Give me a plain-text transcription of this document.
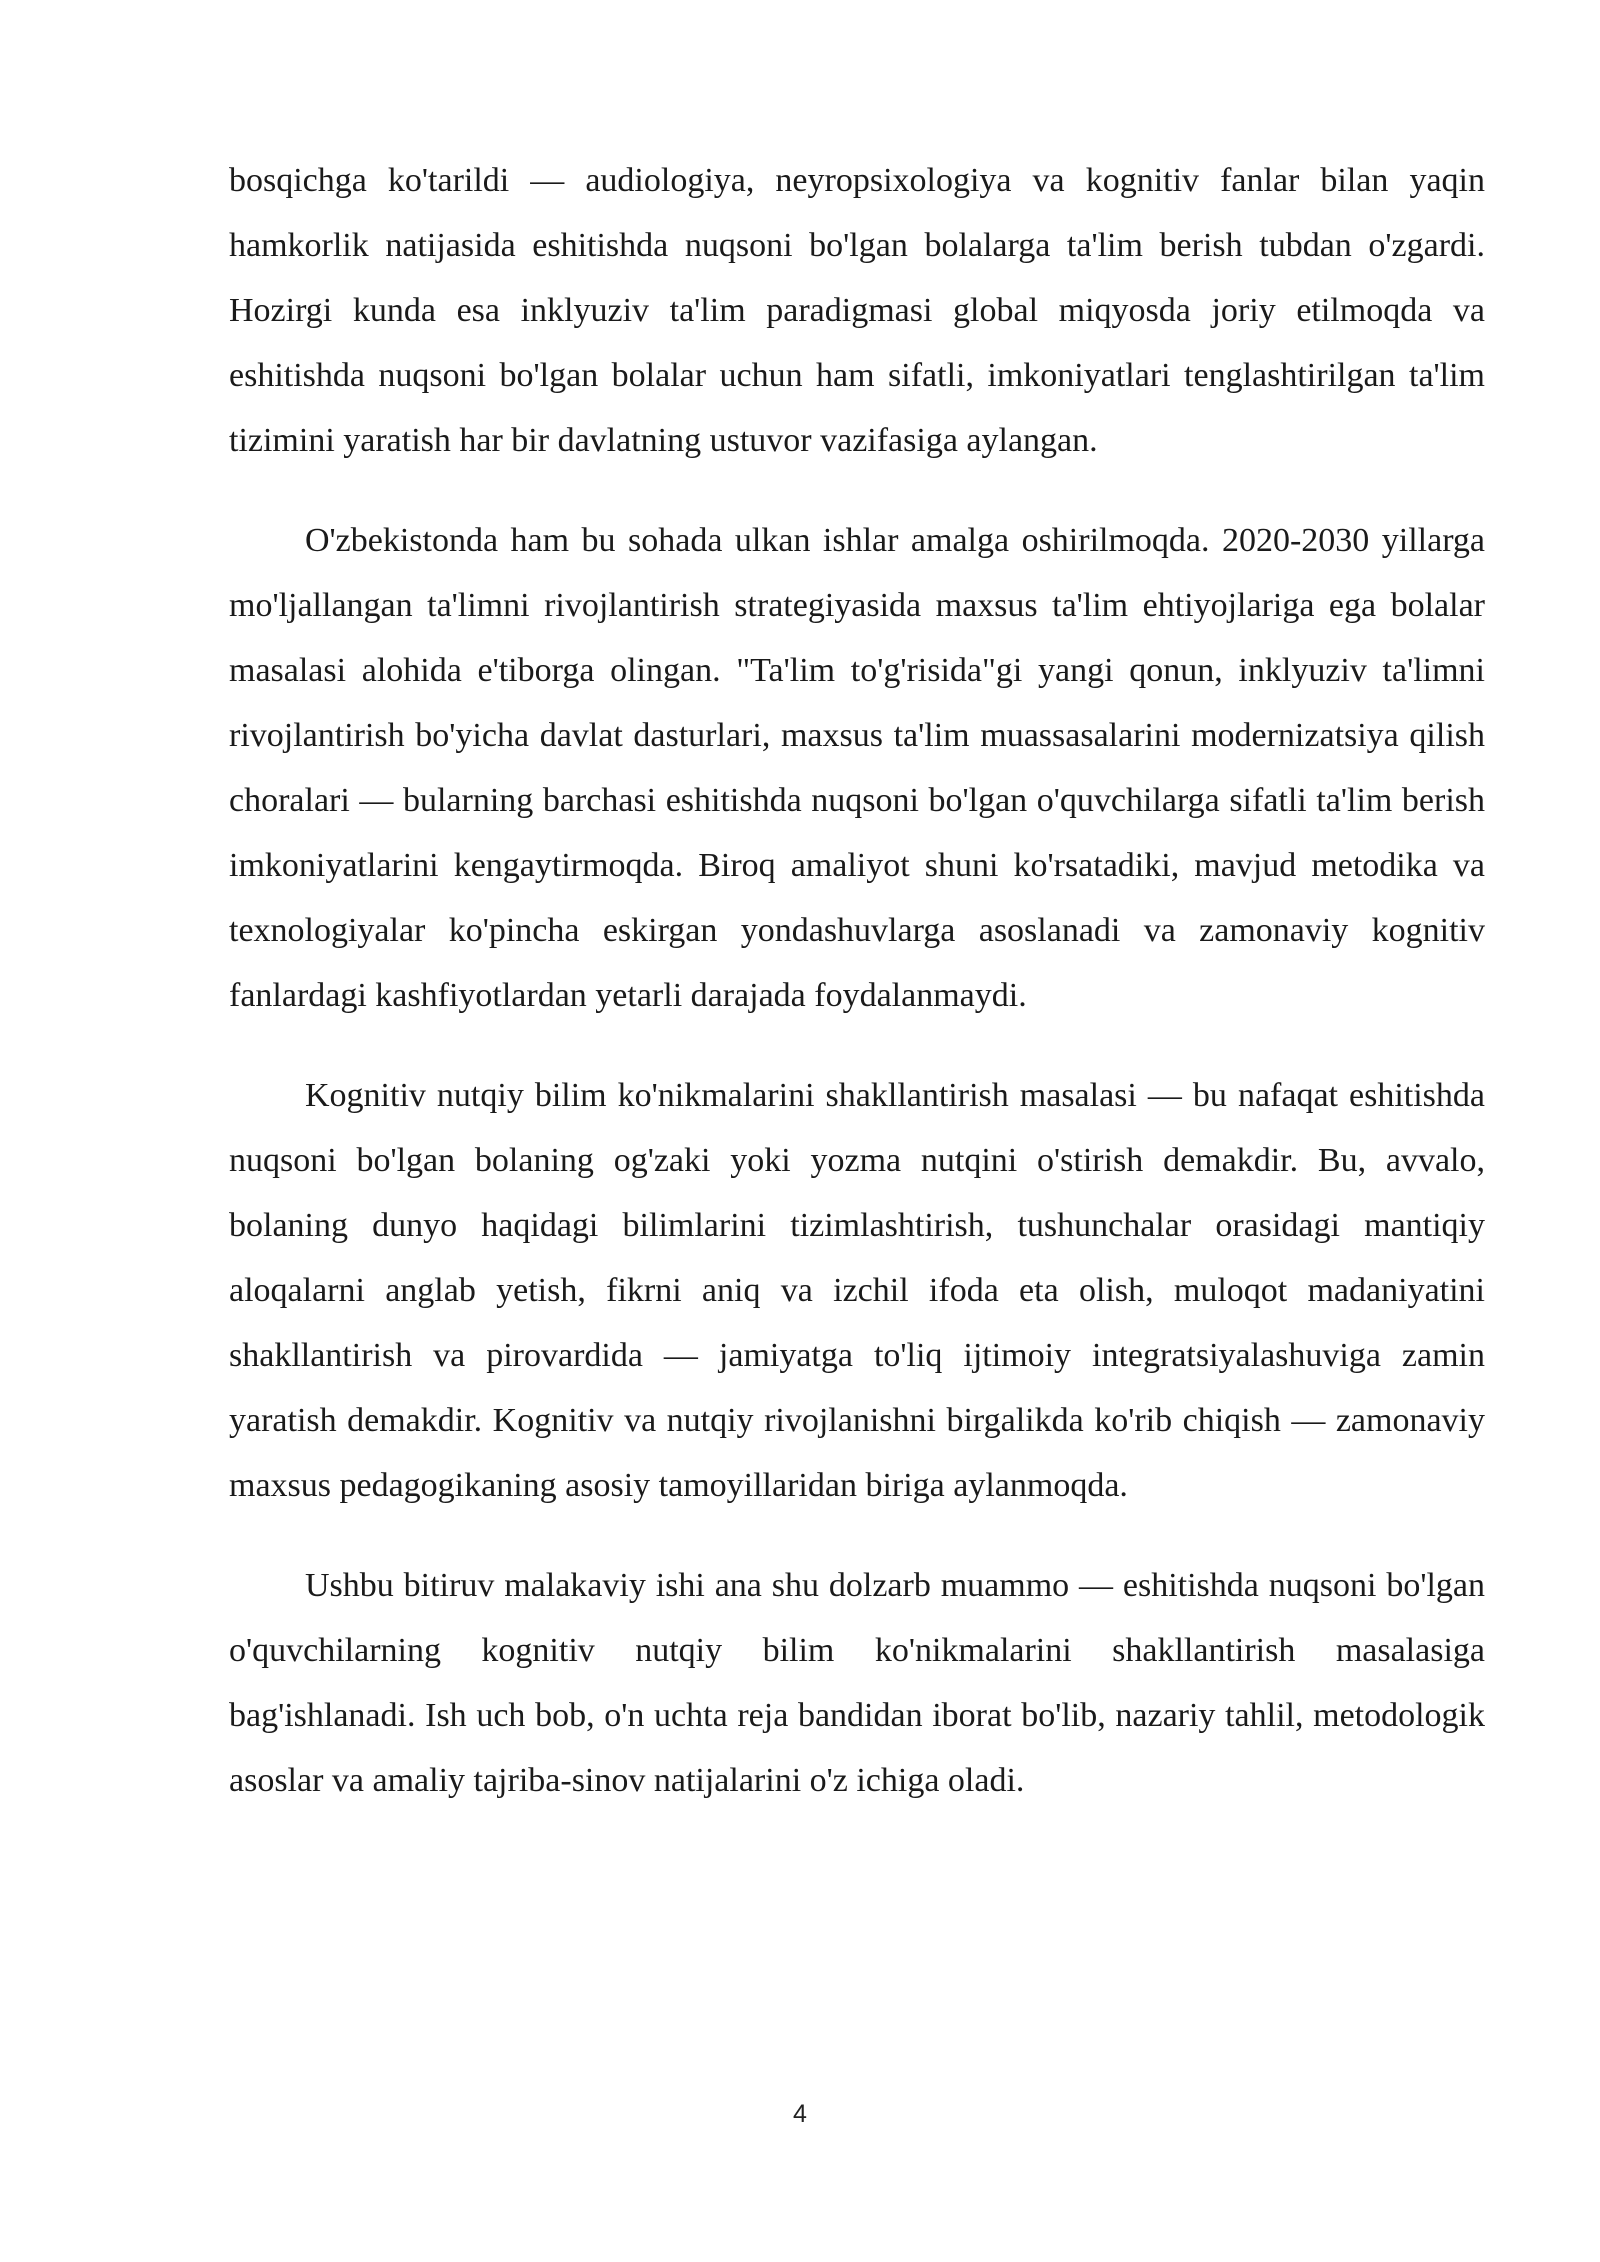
bosqichga ko'tarildi — audiologiya, neyropsixologiya va kognitiv fanlar bilan yaqin hamkorlik natijasida eshitishda nuqsoni bo'lgan bolalarga ta'lim berish tubdan o'zgardi. Hozirgi kunda esa inklyuziv ta'lim paradigmasi global miqyosda joriy etilmoqda va eshitishda nuqsoni bo'lgan bolalar uchun ham sifatli, imkoniyatlari tenglashtirilgan ta'lim tizimini yaratish har bir davlatning ustuvor vazifasiga aylangan.

O'zbekistonda ham bu sohada ulkan ishlar amalga oshirilmoqda. 2020-2030 yillarga mo'ljallangan ta'limni rivojlantirish strategiyasida maxsus ta'lim ehtiyojlariga ega bolalar masalasi alohida e'tiborga olingan. "Ta'lim to'g'risida"gi yangi qonun, inklyuziv ta'limni rivojlantirish bo'yicha davlat dasturlari, maxsus ta'lim muassasalarini modernizatsiya qilish choralari — bularning barchasi eshitishda nuqsoni bo'lgan o'quvchilarga sifatli ta'lim berish imkoniyatlarini kengaytirmoqda. Biroq amaliyot shuni ko'rsatadiki, mavjud metodika va texnologiyalar ko'pincha eskirgan yondashuvlarga asoslanadi va zamonaviy kognitiv fanlardagi kashfiyotlardan yetarli darajada foydalanmaydi.

Kognitiv nutqiy bilim ko'nikmalarini shakllantirish masalasi — bu nafaqat eshitishda nuqsoni bo'lgan bolaning og'zaki yoki yozma nutqini o'stirish demakdir. Bu, avvalo, bolaning dunyo haqidagi bilimlarini tizimlashtirish, tushunchalar orasidagi mantiqiy aloqalarni anglab yetish, fikrni aniq va izchil ifoda eta olish, muloqot madaniyatini shakllantirish va pirovardida — jamiyatga to'liq ijtimoiy integratsiyalashuviga zamin yaratish demakdir. Kognitiv va nutqiy rivojlanishni birgalikda ko'rib chiqish — zamonaviy maxsus pedagogikaning asosiy tamoyillaridan biriga aylanmoqda.

Ushbu bitiruv malakaviy ishi ana shu dolzarb muammo — eshitishda nuqsoni bo'lgan o'quvchilarning kognitiv nutqiy bilim ko'nikmalarini shakllantirish masalasiga bag'ishlanadi. Ish uch bob, o'n uchta reja bandidan iborat bo'lib, nazariy tahlil, metodologik asoslar va amaliy tajriba-sinov natijalarini o'z ichiga oladi.

4
